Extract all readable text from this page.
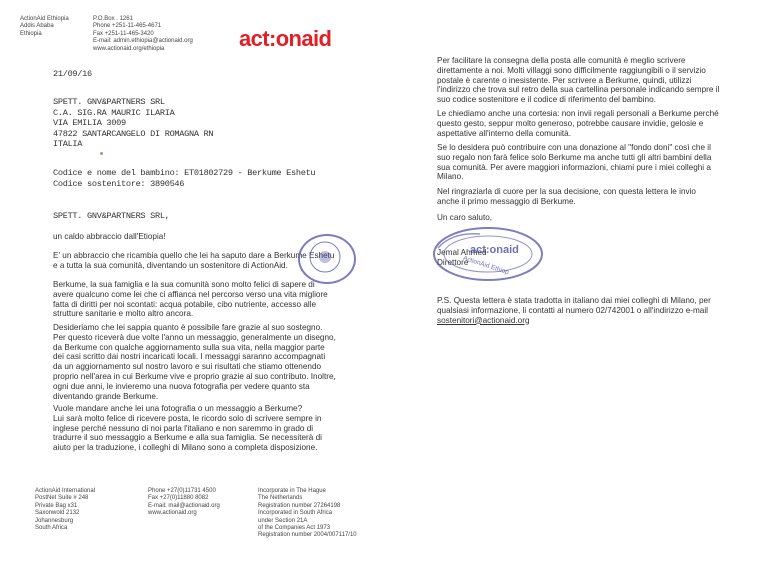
ActionAid Ethiopia
Addis Ababa
Ethiopia
P.O.Box . 1261
Phone +251-11-465-4671
Fax +251-11-465-3420
E-mail: admin.ethiopia@actionaid.org
www.actionaid.org/ethiopia	act:onaid
21/09/16
SPETT. GNV&PARTNERS SRL
C.A. SIG.RA MAURIC ILARIA
VIA EMILIA 3009
47822 SANTARCANGELO DI ROMAGNA RN
ITALIA
Codice e nome del bambino: ET01802729 - Berkume Eshetu
Codice sostenitore: 3890546
SPETT. GNV&PARTNERS SRL,
un caldo abbraccio dall'Etiopia!
E' un abbraccio che ricambia quello che lei ha saputo dare a Berkume Eshetu
e a tutta la sua comunità, diventando un sostenitore di ActionAid.
Berkume, la sua famiglia e la sua comunità sono molto felici di sapere di
avere qualcuno come lei che ci affianca nel percorso verso una vita migliore
fatta di diritti per noi scontati: acqua potabile, cibo nutriente, accesso alle
strutture sanitarie e molto altro ancora.
Desideriamo che lei sappia quanto è possibile fare grazie al suo sostegno.
Per questo riceverà due volte l'anno un messaggio, generalmente un disegno,
da Berkume con qualche aggiornamento sulla sua vita, nella maggior parte
dei casi scritto dai nostri incaricati locali. I messaggi saranno accompagnati
da un aggiornamento sul nostro lavoro e sui risultati che stiamo ottenendo
proprio nell'area in cui Berkume vive e proprio grazie al suo contributo. Inoltre,
ogni due anni, le invieremo una nuova fotografia per vedere quanto sta
diventando grande Berkume.
Vuole mandare anche lei una fotografia o un messaggio a Berkume?
Lui sarà molto felice di ricevere posta, le ricordo solo di scrivere sempre in
inglese perché nessuno di noi parla l'italiano e non saremmo in grado di
tradurre il suo messaggio a Berkume e alla sua famiglia. Se necessiterà di
aiuto per la traduzione, i colleghi di Milano sono a completa disposizione.
Per facilitare la consegna della posta alle comunità è meglio scrivere
direttamente a noi. Molti villaggi sono difficilmente raggiungibili o il servizio
postale è carente o inesistente. Per scrivere a Berkume, quindi, utilizzi
l'indirizzo che trova sul retro della sua cartellina personale indicando sempre il
suo codice sostenitore e il codice di riferimento del bambino.
Le chiediamo anche una cortesia: non invii regali personali a Berkume perché
questo gesto, seppur molto generoso, potrebbe causare invidie, gelosie e
aspettative all'interno della comunità.
Se lo desidera può contribuire con una donazione al "fondo doni" così che il
suo regalo non farà felice solo Berkume ma anche tutti gli altri bambini della
sua comunità. Per avere maggiori informazioni, chiami pure i miei colleghi a
Milano.
Nel ringraziarla di cuore per la sua decisione, con questa lettera le invio
anche il primo messaggio di Berkume.
Un caro saluto,
Jemal Ahmed
Direttore
act:onaid
ActionAid Ethiop
P.S. Questa lettera è stata tradotta in italiano dai miei colleghi di Milano, per
qualsiasi informazione, li contatti al numero 02/742001 o all'indirizzo e-mail
sostenitori@actionaid.org
ActionAid International
PostNet Suite # 248
Private Bag x31
Saxonwold 2132
Johannesburg
South Africa
Phone +27(0)11731 4500
Fax +27(0)11880 8082
E-mail: mail@actionaid.org
www.actionaid.org
Incorporate in The Hague
The Netherlands
Registration number 27264198
Incorporated in South Africa
under Section 21A
of the Companies Act 1973
Registration number 2004/007117/10
